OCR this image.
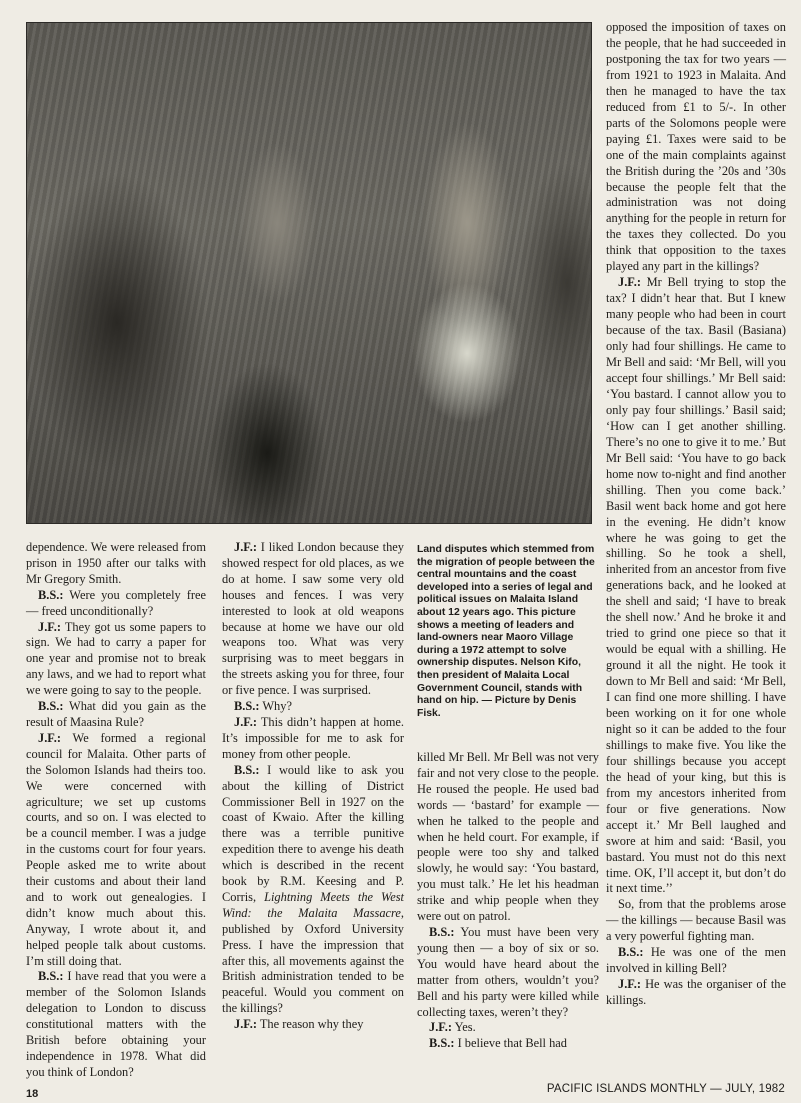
opposed the imposition of taxes on the people, that he had succeeded in postponing the tax for two years — from 1921 to 1923 in Malaita. And then he managed to have the tax reduced from £1 to 5/-. In other parts of the Solomons people were paying £1. Taxes were said to be one of the main complaints against the British during the ’20s and ’30s because the people felt that the administration was not doing anything for the people in return for the taxes they collected. Do you think that opposition to the taxes played any part in the killings?

J.F.: Mr Bell trying to stop the tax? I didn’t hear that. But I knew many people who had been in court because of the tax. Basil (Basiana) only had four shillings. He came to Mr Bell and said: ‘Mr Bell, will you accept four shillings.’ Mr Bell said: ‘You bastard. I cannot allow you to only pay four shillings.’ Basil said; ‘How can I get another shilling. There’s no one to give it to me.’ But Mr Bell said: ‘You have to go back home now to-night and find another shilling. Then you come back.’ Basil went back home and got here in the evening. He didn’t know where he was going to get the shilling. So he took a shell, inherited from an ancestor from five generations back, and he looked at the shell and said; ‘I have to break the shell now.’ And he broke it and tried to grind one piece so that it would be equal with a shilling. He ground it all the night. He took it down to Mr Bell and said: ‘Mr Bell, I can find one more shilling. I have been working on it for one whole night so it can be added to the four shillings to make five. You like the four shillings because you accept the head of your king, but this is from my ancestors inherited from four or five generations. Now accept it.’ Mr Bell laughed and swore at him and said: ‘Basil, you bastard. You must not do this next time. OK, I’ll accept it, but don’t do it next time.’’

So, from that the problems arose — the killings — because Basil was a very powerful fighting man.

B.S.: He was one of the men involved in killing Bell?

J.F.: He was the organiser of the killings.

dependence. We were released from prison in 1950 after our talks with Mr Gregory Smith.

B.S.: Were you completely free — freed unconditionally?

J.F.: They got us some papers to sign. We had to carry a paper for one year and promise not to break any laws, and we had to report what we were going to say to the people.

B.S.: What did you gain as the result of Maasina Rule?

J.F.: We formed a regional council for Malaita. Other parts of the Solomon Islands had theirs too. We were concerned with agriculture; we set up customs courts, and so on. I was elected to be a council member. I was a judge in the customs court for four years. People asked me to write about their customs and about their land and to work out genealogies. I didn’t know much about this. Anyway, I wrote about it, and helped people talk about customs. I’m still doing that.

B.S.: I have read that you were a member of the Solomon Islands delegation to London to discuss constitutional matters with the British before obtaining your independence in 1978. What did you think of London?

J.F.: I liked London because they showed respect for old places, as we do at home. I saw some very old houses and fences. I was very interested to look at old weapons because at home we have our old weapons too. What was very surprising was to meet beggars in the streets asking you for three, four or five pence. I was surprised.

B.S.: Why?

J.F.: This didn’t happen at home. It’s impossible for me to ask for money from other people.

B.S.: I would like to ask you about the killing of District Commissioner Bell in 1927 on the coast of Kwaio. After the killing there was a terrible punitive expedition there to avenge his death which is described in the recent book by R.M. Keesing and P. Corris, Lightning Meets the West Wind: the Malaita Massacre, published by Oxford University Press. I have the impression that after this, all movements against the British administration tended to be peaceful. Would you comment on the killings?

J.F.: The reason why they

Land disputes which stemmed from the migration of people between the central mountains and the coast developed into a series of legal and political issues on Malaita Island about 12 years ago. This picture shows a meeting of leaders and land-owners near Maoro Village during a 1972 attempt to solve ownership disputes. Nelson Kifo, then president of Malaita Local Government Council, stands with hand on hip. — Picture by Denis Fisk.

killed Mr Bell. Mr Bell was not very fair and not very close to the people. He roused the people. He used bad words — ‘bastard’ for example — when he talked to the people and when he held court. For example, if people were too shy and talked slowly, he would say: ‘You bastard, you must talk.’ He let his headman strike and whip people when they were out on patrol.

B.S.: You must have been very young then — a boy of six or so. You would have heard about the matter from others, wouldn’t you? Bell and his party were killed while collecting taxes, weren’t they?

J.F.: Yes.

B.S.: I believe that Bell had

18	PACIFIC ISLANDS MONTHLY — JULY, 1982
